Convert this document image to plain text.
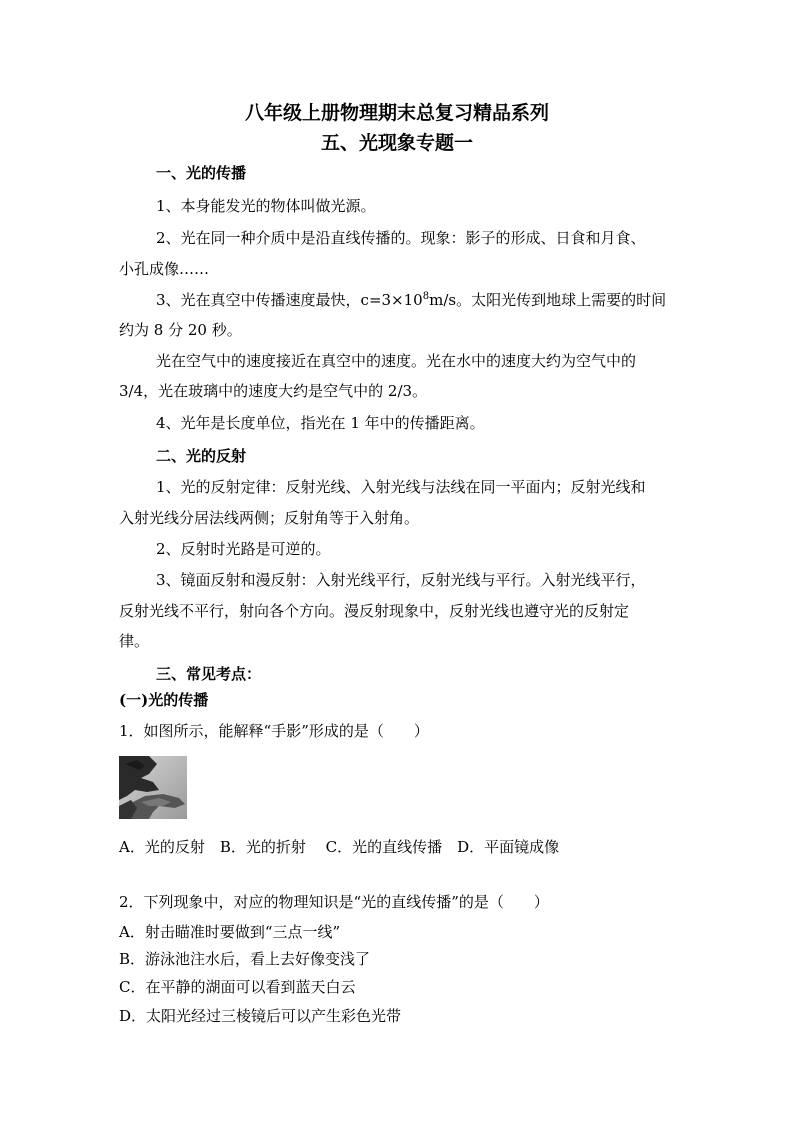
八年级上册物理期末总复习精品系列
五、光现象专题一
一、光的传播
1、本身能发光的物体叫做光源。
2、光在同一种介质中是沿直线传播的。现象：影子的形成、日食和月食、
小孔成像……
3、光在真空中传播速度最快，$c=3\times 10^8m/s$。太阳光传到地球上需要的时间
约为 8 分 20 秒。
光在空气中的速度接近在真空中的速度。光在水中的速度大约为空气中的
3/4，光在玻璃中的速度大约是空气中的 2/3。
4、光年是长度单位，指光在 1 年中的传播距离。
二、光的反射
1、光的反射定律：反射光线、入射光线与法线在同一平面内；反射光线和
入射光线分居法线两侧；反射角等于入射角。
2、反射时光路是可逆的。
3、镜面反射和漫反射：入射光线平行，反射光线与平行。入射光线平行，
反射光线不平行，射向各个方向。漫反射现象中，反射光线也遵守光的反射定
律。
三、常见考点：
(一)光的传播
1．如图所示，能解释“手影”形成的是（　　）
A．光的反射　B．光的折射　 C．光的直线传播　D．平面镜成像
2．下列现象中，对应的物理知识是“光的直线传播”的是（　　）
A．射击瞄准时要做到“三点一线”
B．游泳池注水后，看上去好像变浅了
C．在平静的湖面可以看到蓝天白云
D．太阳光经过三棱镜后可以产生彩色光带
